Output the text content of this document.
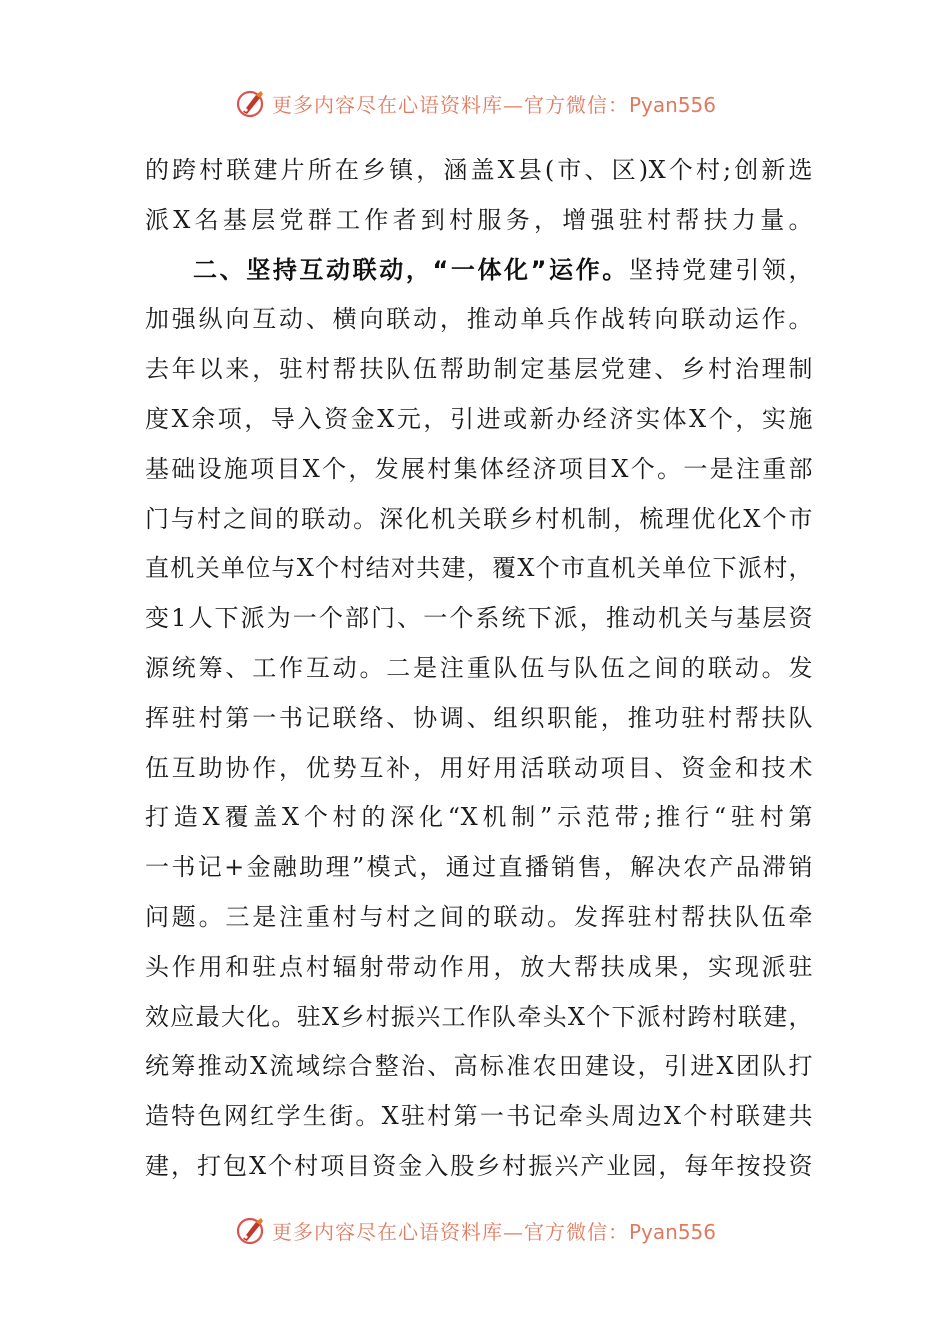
更多内容尽在心语资料库—官方微信：Pyan556
的跨村联建片所在乡镇，涵盖X县(市、区)X个村;创新选
派X名基层党群工作者到村服务，增强驻村帮扶力量。
二、坚持互动联动，“一体化”运作。坚持党建引领，
加强纵向互动、横向联动，推动单兵作战转向联动运作。
去年以来，驻村帮扶队伍帮助制定基层党建、乡村治理制
度X余项，导入资金X元，引进或新办经济实体X个，实施
基础设施项目X个，发展村集体经济项目X个。一是注重部
门与村之间的联动。深化机关联乡村机制，梳理优化X个市
直机关单位与X个村结对共建，覆X个市直机关单位下派村，
变1人下派为一个部门、一个系统下派，推动机关与基层资
源统筹、工作互动。二是注重队伍与队伍之间的联动。发
挥驻村第一书记联络、协调、组织职能，推功驻村帮扶队
伍互助协作，优势互补，用好用活联动项目、资金和技术
打造X覆盖X个村的深化“X机制”示范带;推行“驻村第
一书记+金融助理”模式，通过直播销售，解决农产品滞销
问题。三是注重村与村之间的联动。发挥驻村帮扶队伍牵
头作用和驻点村辐射带动作用，放大帮扶成果，实现派驻
效应最大化。驻X乡村振兴工作队牵头X个下派村跨村联建，
统筹推动X流域综合整治、高标准农田建设，引进X团队打
造特色网红学生街。X驻村第一书记牵头周边X个村联建共
建，打包X个村项目资金入股乡村振兴产业园，每年按投资
更多内容尽在心语资料库—官方微信：Pyan556
